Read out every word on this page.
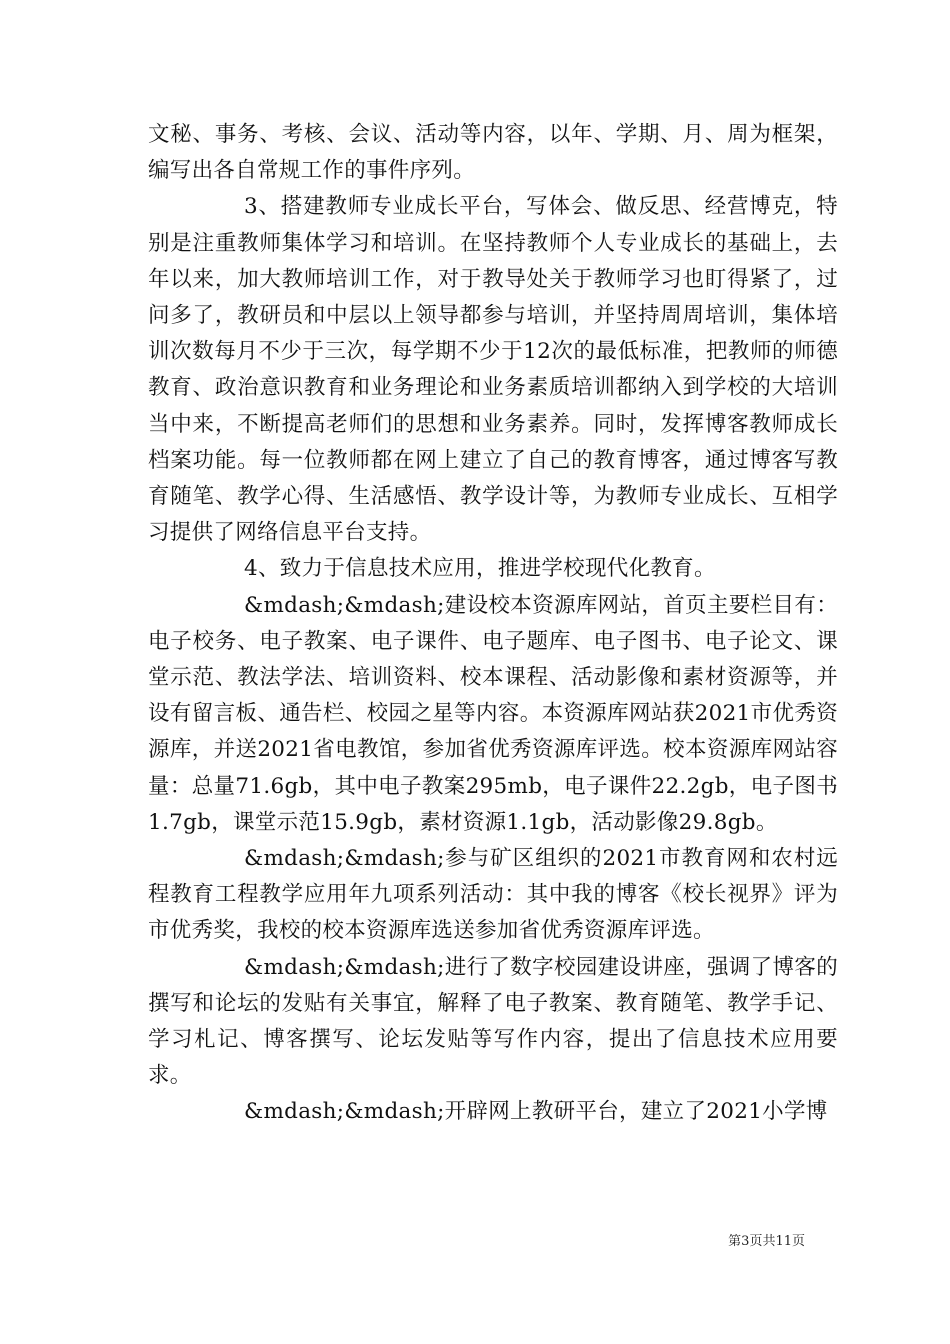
文秘、事务、考核、会议、活动等内容，以年、学期、月、周为框架，编写出各自常规工作的事件序列。

3、搭建教师专业成长平台，写体会、做反思、经营博克，特别是注重教师集体学习和培训。在坚持教师个人专业成长的基础上，去年以来，加大教师培训工作，对于教导处关于教师学习也盯得紧了，过问多了，教研员和中层以上领导都参与培训，并坚持周周培训，集体培训次数每月不少于三次，每学期不少于12次的最低标准，把教师的师德教育、政治意识教育和业务理论和业务素质培训都纳入到学校的大培训当中来，不断提高老师们的思想和业务素养。同时，发挥博客教师成长档案功能。每一位教师都在网上建立了自己的教育博客，通过博客写教育随笔、教学心得、生活感悟、教学设计等，为教师专业成长、互相学习提供了网络信息平台支持。

4、致力于信息技术应用，推进学校现代化教育。

&mdash;&mdash;建设校本资源库网站，首页主要栏目有：电子校务、电子教案、电子课件、电子题库、电子图书、电子论文、课堂示范、教法学法、培训资料、校本课程、活动影像和素材资源等，并设有留言板、通告栏、校园之星等内容。本资源库网站获2021市优秀资源库，并送2021省电教馆，参加省优秀资源库评选。校本资源库网站容量：总量71.6gb，其中电子教案295mb，电子课件22.2gb，电子图书1.7gb，课堂示范15.9gb，素材资源1.1gb，活动影像29.8gb。

&mdash;&mdash;参与矿区组织的2021市教育网和农村远程教育工程教学应用年九项系列活动：其中我的博客《校长视界》评为市优秀奖，我校的校本资源库选送参加省优秀资源库评选。

&mdash;&mdash;进行了数字校园建设讲座，强调了博客的撰写和论坛的发贴有关事宜，解释了电子教案、教育随笔、教学手记、学习札记、博客撰写、论坛发贴等写作内容，提出了信息技术应用要求。

&mdash;&mdash;开辟网上教研平台，建立了2021小学博

第3页共11页
